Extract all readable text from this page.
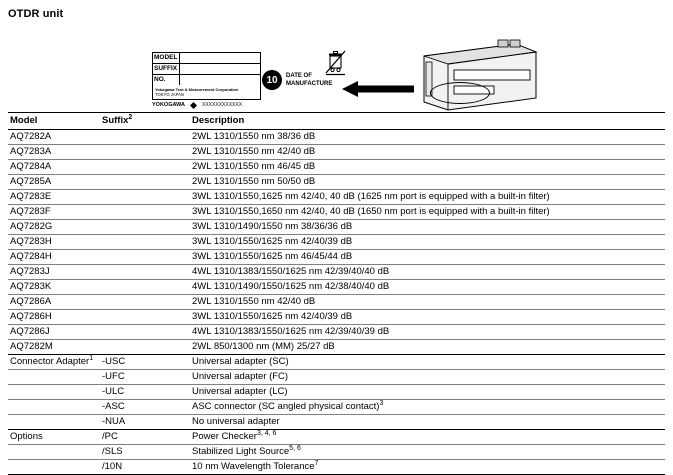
OTDR unit
MODEL
SUFFIX
NO.
Yokogawa Test & Measurement Corporation
TOKYO JAPAN
YOKOGAWA	XXXXXXXXXXXX
10	DATE OF
MANUFACTURE
Model	Suffix$^2$	Description
AQ7282A		2WL 1310/1550 nm 38/36 dB
AQ7283A		2WL 1310/1550 nm 42/40 dB
AQ7284A		2WL 1310/1550 nm 46/45 dB
AQ7285A		2WL 1310/1550 nm 50/50 dB
AQ7283E		3WL 1310/1550,1625 nm 42/40, 40 dB (1625 nm port is equipped with a built-in filter)
AQ7283F		3WL 1310/1550,1650 nm 42/40, 40 dB (1650 nm port is equipped with a built-in filter)
AQ7282G		3WL 1310/1490/1550 nm 38/36/36 dB
AQ7283H		3WL 1310/1550/1625 nm 42/40/39 dB
AQ7284H		3WL 1310/1550/1625 nm 46/45/44 dB
AQ7283J		4WL 1310/1383/1550/1625 nm 42/39/40/40 dB
AQ7283K		4WL 1310/1490/1550/1625 nm 42/38/40/40 dB
AQ7286A		2WL 1310/1550 nm 42/40 dB
AQ7286H		3WL 1310/1550/1625 nm 42/40/39 dB
AQ7286J		4WL 1310/1383/1550/1625 nm 42/39/40/39 dB
AQ7282M		2WL 850/1300 nm (MM) 25/27 dB
Connector Adapter$^1$	-USC	Universal adapter (SC)
	-UFC	Universal adapter (FC)
	-ULC	Universal adapter (LC)
	-ASC	ASC connector (SC angled physical contact)$^3$
	-NUA	No universal adapter
Options	/PC	Power Checker$^{3, 4, 6}$
	/SLS	Stabilized Light Source$^{5, 6}$
	/10N	10 nm Wavelength Tolerance$^7$
